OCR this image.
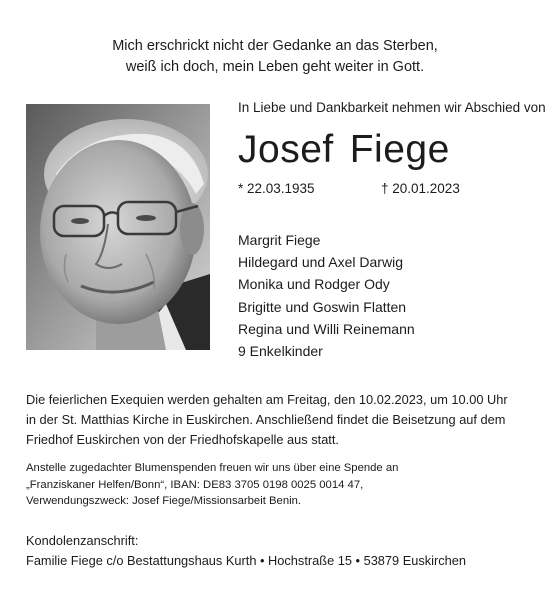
Mich erschrickt nicht der Gedanke an das Sterben,
weiß ich doch, mein Leben geht weiter in Gott.
In Liebe und Dankbarkeit nehmen wir Abschied von
Josef Fiege
* 22.03.1935	† 20.01.2023
Margrit Fiege
Hildegard und Axel Darwig
Monika und Rodger Ody
Brigitte und Goswin Flatten
Regina und Willi Reinemann
9 Enkelkinder
Die feierlichen Exequien werden gehalten am Freitag, den 10.02.2023, um 10.00 Uhr
in der St. Matthias Kirche in Euskirchen. Anschließend findet die Beisetzung auf dem
Friedhof Euskirchen von der Friedhofskapelle aus statt.
Anstelle zugedachter Blumenspenden freuen wir uns über eine Spende an
„Franziskaner Helfen/Bonn“, IBAN: DE83 3705 0198 0025 0014 47,
Verwendungszweck: Josef Fiege/Missionsarbeit Benin.
Kondolenzanschrift:
Familie Fiege c/o Bestattungshaus Kurth • Hochstraße 15 • 53879 Euskirchen
